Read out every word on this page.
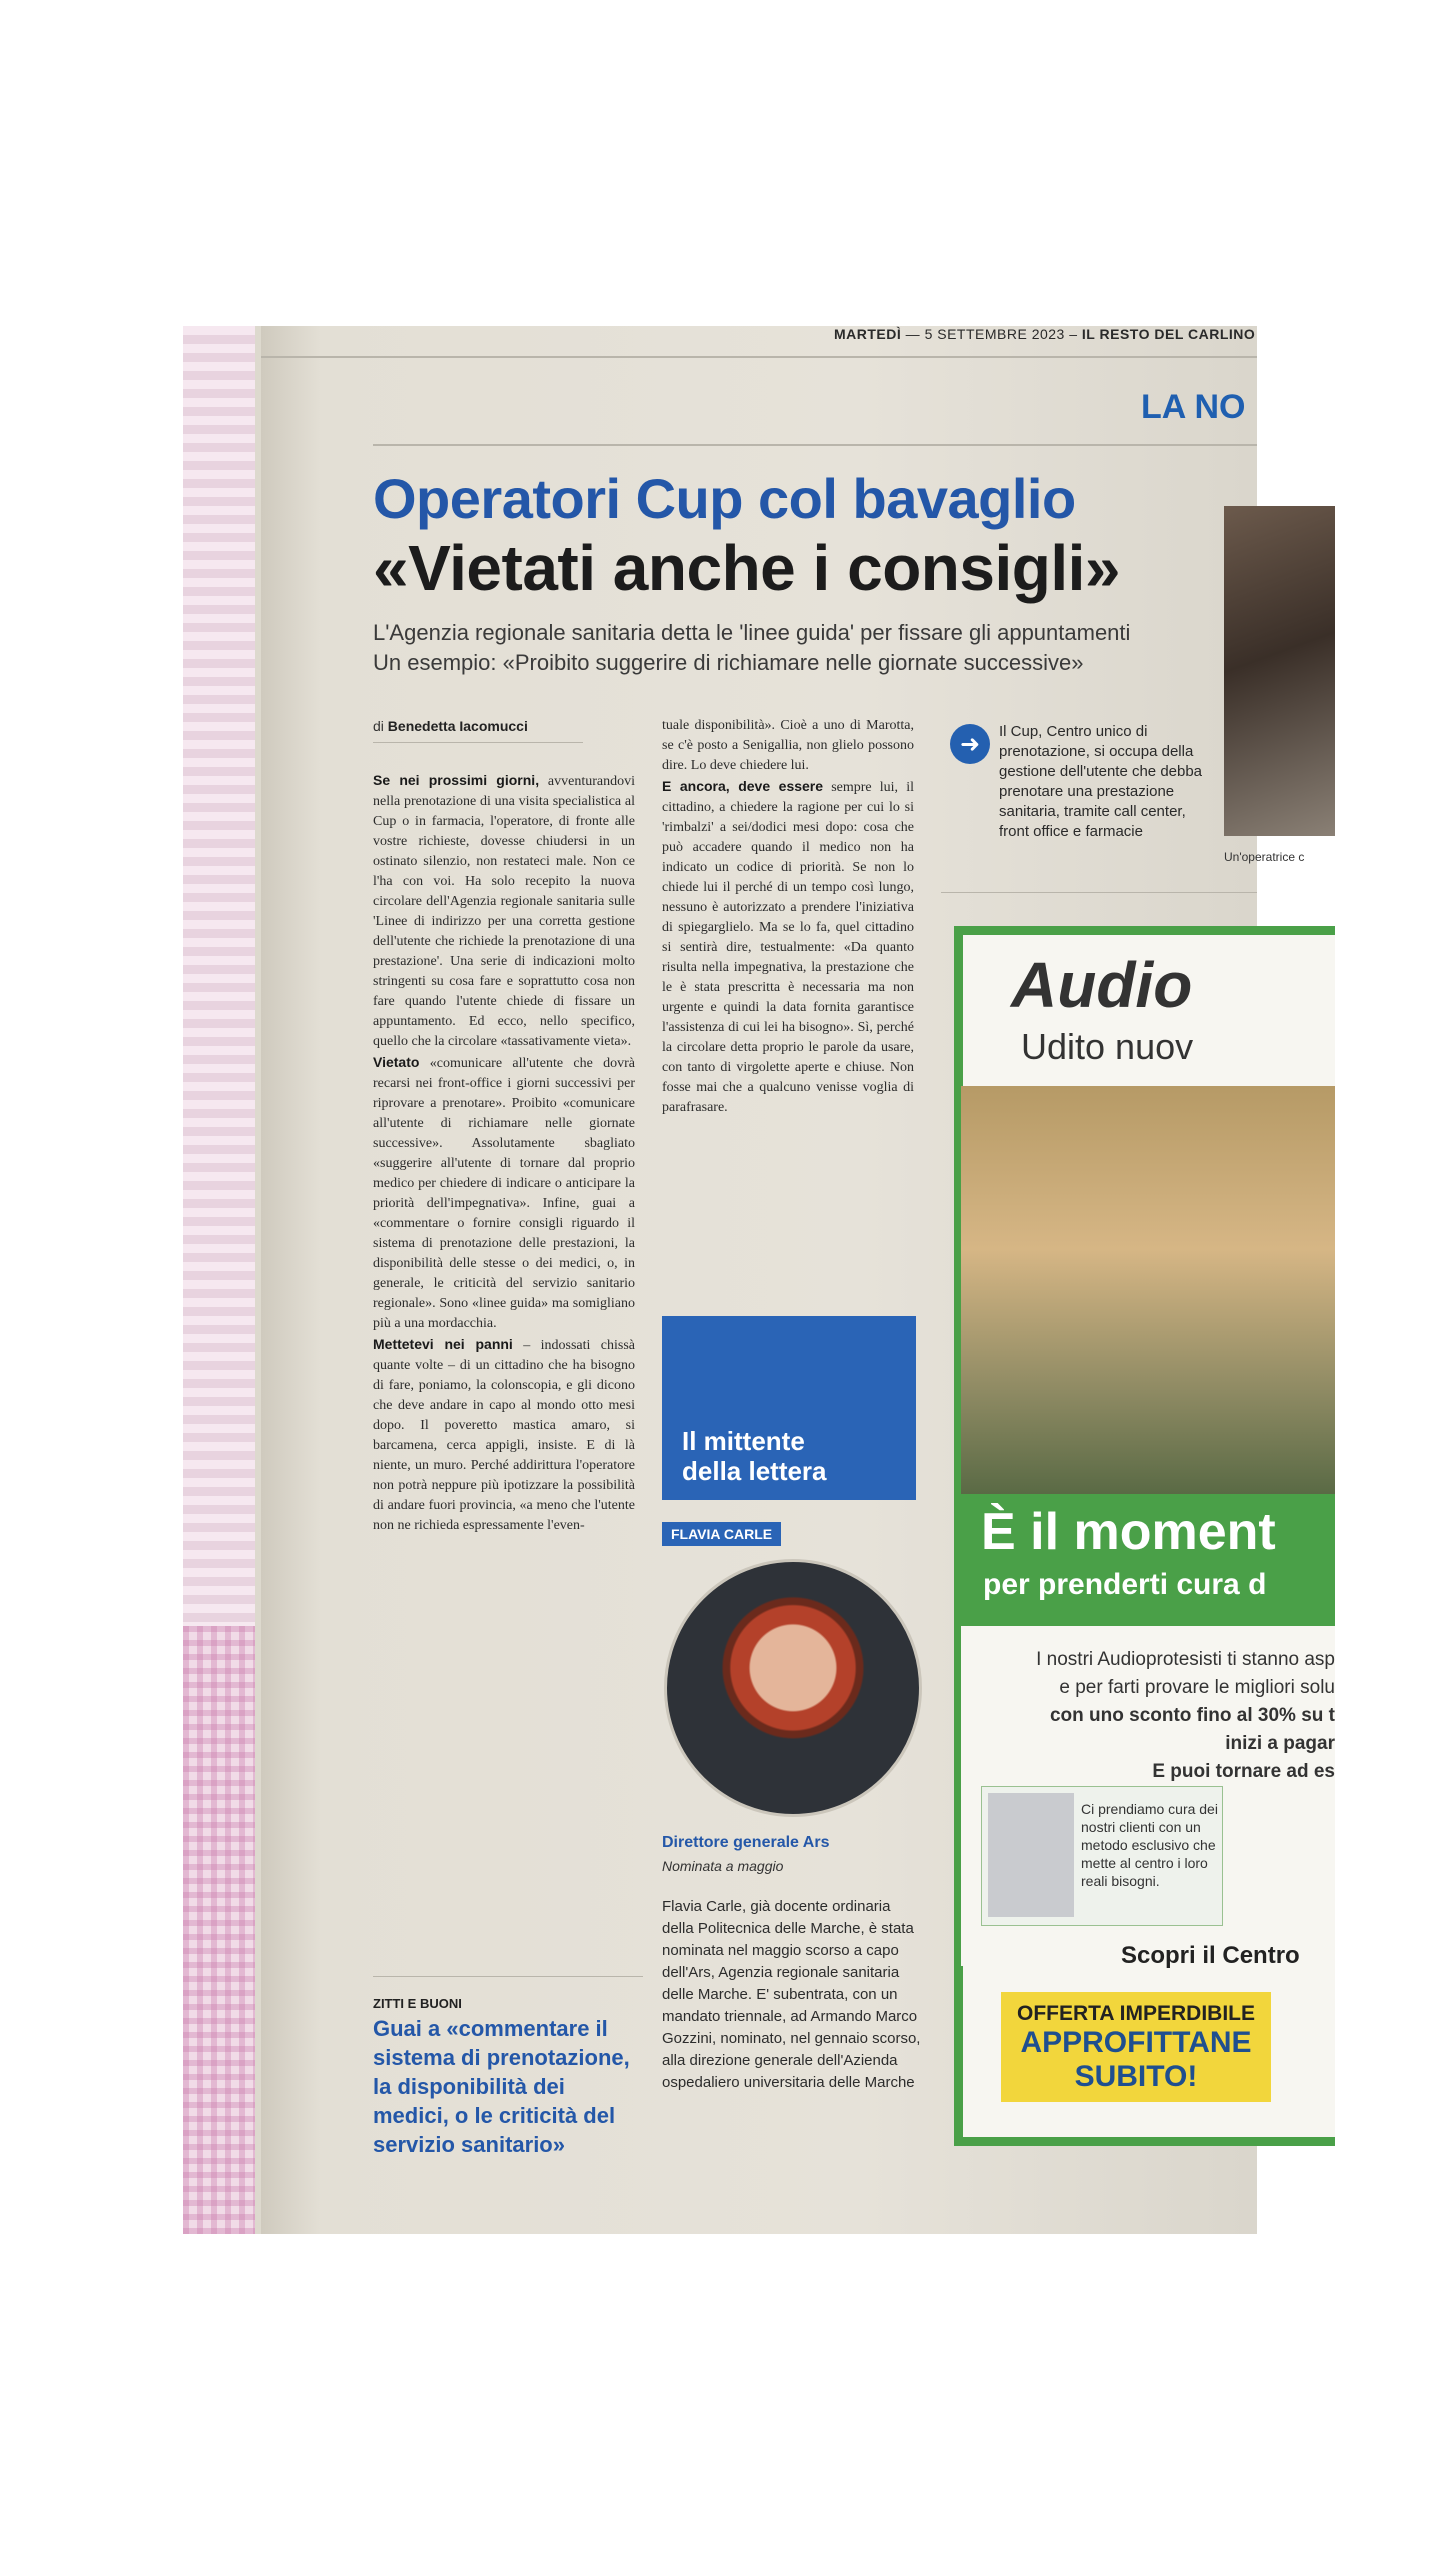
MARTEDÌ — 5 SETTEMBRE 2023 – IL RESTO DEL CARLINO
LA NO
Operatori Cup col bavaglio
«Vietati anche i consigli»
L'Agenzia regionale sanitaria detta le 'linee guida' per fissare gli appuntamenti
Un esempio: «Proibito suggerire di richiamare nelle giornate successive»
di Benedetta Iacomucci

Se nei prossimi giorni, avventurandovi nella prenotazione di una visita specialistica al Cup o in farmacia, l'operatore, di fronte alle vostre richieste, dovesse chiudersi in un ostinato silenzio, non restateci male. Non ce l'ha con voi. Ha solo recepito la nuova circolare dell'Agenzia regionale sanitaria sulle 'Linee di indirizzo per una corretta gestione dell'utente che richiede la prenotazione di una prestazione'. Una serie di indicazioni molto stringenti su cosa fare e soprattutto cosa non fare quando l'utente chiede di fissare un appuntamento. Ed ecco, nello specifico, quello che la circolare «tassativamente vieta».

Vietato «comunicare all'utente che dovrà recarsi nei front-office i giorni successivi per riprovare a prenotare». Proibito «comunicare all'utente di richiamare nelle giornate successive». Assolutamente sbagliato «suggerire all'utente di tornare dal proprio medico per chiedere di indicare o anticipare la priorità dell'impegnativa». Infine, guai a «commentare o fornire consigli riguardo il sistema di prenotazione delle prestazioni, la disponibilità delle stesse o dei medici, o, in generale, le criticità del servizio sanitario regionale». Sono «linee guida» ma somigliano più a una mordacchia.

Mettetevi nei panni – indossati chissà quante volte – di un cittadino che ha bisogno di fare, poniamo, la colonscopia, e gli dicono che deve andare in capo al mondo otto mesi dopo. Il poveretto mastica amaro, si barcamena, cerca appigli, insiste. E di là niente, un muro. Perché addirittura l'operatore non potrà neppure più ipotizzare la possibilità di andare fuori provincia, «a meno che l'utente non ne richieda espressamente l'even-

ZITTI E BUONI
Guai a «commentare il sistema di prenotazione, la disponibilità dei medici, o le criticità del servizio sanitario»

tuale disponibilità». Cioè a uno di Marotta, se c'è posto a Senigallia, non glielo possono dire. Lo deve chiedere lui.

E ancora, deve essere sempre lui, il cittadino, a chiedere la ragione per cui lo si 'rimbalzi' a sei/dodici mesi dopo: cosa che può accadere quando il medico non ha indicato un codice di priorità. Se non lo chiede lui il perché di un tempo così lungo, nessuno è autorizzato a prendere l'iniziativa di spiegarglielo. Ma se lo fa, quel cittadino si sentirà dire, testualmente: «Da quanto risulta nella impegnativa, la prestazione che le è stata prescritta è necessaria ma non urgente e quindi la data fornita garantisce l'assistenza di cui lei ha bisogno». Sì, perché la circolare detta proprio le parole da usare, con tanto di virgolette aperte e chiuse. Non fosse mai che a qualcuno venisse voglia di parafrasare.

➜	Il Cup, Centro unico di prenotazione, si occupa della gestione dell'utente che debba prenotare una prestazione sanitaria, tramite call center, front office e farmacie
Un'operatrice c
Il mittente della lettera
FLAVIA CARLE
Direttore generale Ars
Nominata a maggio
Flavia Carle, già docente ordinaria della Politecnica delle Marche, è stata nominata nel maggio scorso a capo dell'Ars, Agenzia regionale sanitaria delle Marche. E' subentrata, con un mandato triennale, ad Armando Marco Gozzini, nominato, nel gennaio scorso, alla direzione generale dell'Azienda ospedaliero universitaria delle Marche
Audio
Udito nuov
È il moment
per prenderti cura d
I nostri Audioprotesisti ti stanno asp
e per farti provare le migliori solu
con uno sconto fino al 30% su t
inizi a pagar
E puoi tornare ad es
Ci prendiamo cura dei nostri clienti con un metodo esclusivo che mette al centro i loro reali bisogni.
Scopri il Centro
OFFERTA IMPERDIBILE
APPROFITTANE SUBITO!
